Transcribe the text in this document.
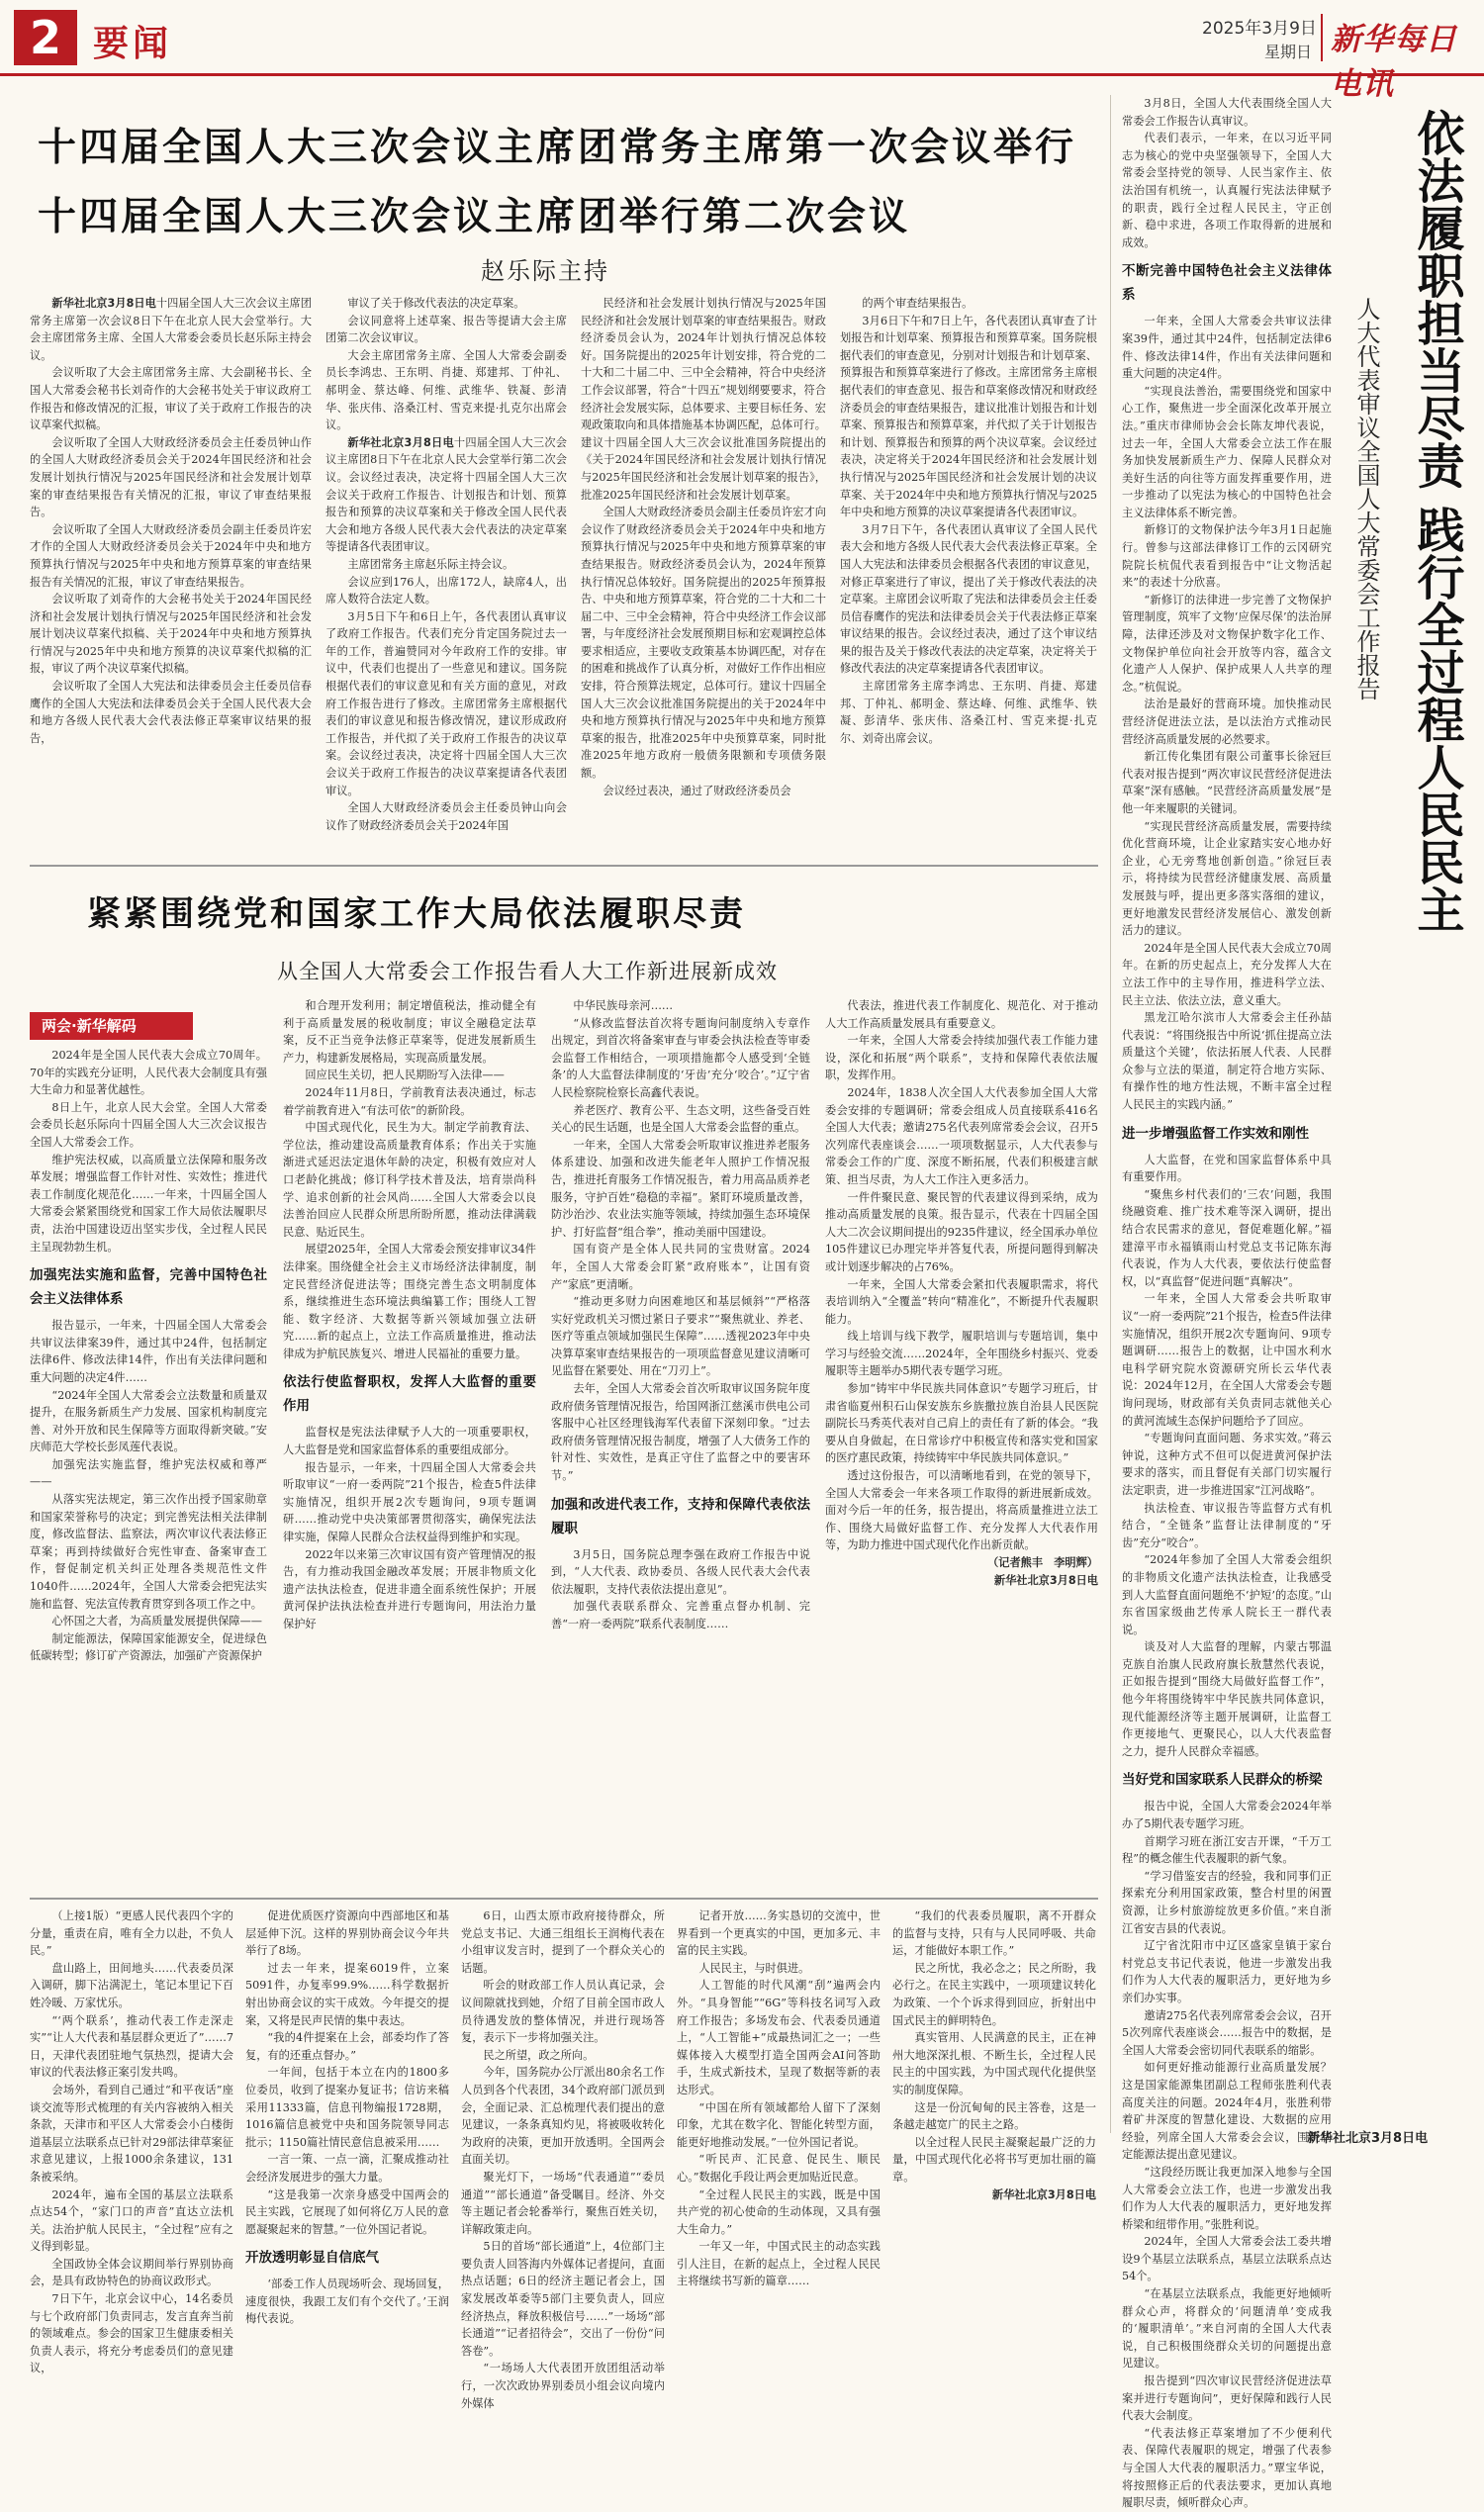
2 要闻	2025年3月9日
星期日 新华每日电讯
十四届全国人大三次会议主席团常务主席第一次会议举行
十四届全国人大三次会议主席团举行第二次会议
赵乐际主持

新华社北京3月8日电十四届全国人大三次会议主席团常务主席第一次会议8日下午在北京人民大会堂举行。大会主席团常务主席、全国人大常委会委员长赵乐际主持会议。

会议听取了大会主席团常务主席、大会副秘书长、全国人大常委会秘书长刘奇作的大会秘书处关于审议政府工作报告和修改情况的汇报，审议了关于政府工作报告的决议草案代拟稿。

会议听取了全国人大财政经济委员会主任委员钟山作的全国人大财政经济委员会关于2024年国民经济和社会发展计划执行情况与2025年国民经济和社会发展计划草案的审查结果报告有关情况的汇报，审议了审查结果报告。

会议听取了全国人大财政经济委员会副主任委员许宏才作的全国人大财政经济委员会关于2024年中央和地方预算执行情况与2025年中央和地方预算草案的审查结果报告有关情况的汇报，审议了审查结果报告。

会议听取了刘奇作的大会秘书处关于2024年国民经济和社会发展计划执行情况与2025年国民经济和社会发展计划决议草案代拟稿、关于2024年中央和地方预算执行情况与2025年中央和地方预算的决议草案代拟稿的汇报，审议了两个决议草案代拟稿。

会议听取了全国人大宪法和法律委员会主任委员信春鹰作的全国人大宪法和法律委员会关于全国人民代表大会和地方各级人民代表大会代表法修正草案审议结果的报告，

审议了关于修改代表法的决定草案。

会议同意将上述草案、报告等提请大会主席团第二次会议审议。

大会主席团常务主席、全国人大常委会副委员长李鸿忠、王东明、肖捷、郑建邦、丁仲礼、郝明金、蔡达峰、何维、武维华、铁凝、彭清华、张庆伟、洛桑江村、雪克来提·扎克尔出席会议。

新华社北京3月8日电十四届全国人大三次会议主席团8日下午在北京人民大会堂举行第二次会议。会议经过表决，决定将十四届全国人大三次会议关于政府工作报告、计划报告和计划、预算报告和预算的决议草案和关于修改全国人民代表大会和地方各级人民代表大会代表法的决定草案等提请各代表团审议。

主席团常务主席赵乐际主持会议。

会议应到176人，出席172人，缺席4人，出席人数符合法定人数。

3月5日下午和6日上午，各代表团认真审议了政府工作报告。代表们充分肯定国务院过去一年的工作，普遍赞同对今年政府工作的安排。审议中，代表们也提出了一些意见和建议。国务院根据代表们的审议意见和有关方面的意见，对政府工作报告进行了修改。主席团常务主席根据代表们的审议意见和报告修改情况，建议形成政府工作报告，并代拟了关于政府工作报告的决议草案。会议经过表决，决定将十四届全国人大三次会议关于政府工作报告的决议草案提请各代表团审议。

全国人大财政经济委员会主任委员钟山向会议作了财政经济委员会关于2024年国

民经济和社会发展计划执行情况与2025年国民经济和社会发展计划草案的审查结果报告。财政经济委员会认为，2024年计划执行情况总体较好。国务院提出的2025年计划安排，符合党的二十大和二十届二中、三中全会精神，符合中央经济工作会议部署，符合“十四五”规划纲要要求，符合经济社会发展实际，总体要求、主要目标任务、宏观政策取向和具体措施基本协调匹配，总体可行。建议十四届全国人大三次会议批准国务院提出的《关于2024年国民经济和社会发展计划执行情况与2025年国民经济和社会发展计划草案的报告》，批准2025年国民经济和社会发展计划草案。

全国人大财政经济委员会副主任委员许宏才向会议作了财政经济委员会关于2024年中央和地方预算执行情况与2025年中央和地方预算草案的审查结果报告。财政经济委员会认为，2024年预算执行情况总体较好。国务院提出的2025年预算报告、中央和地方预算草案，符合党的二十大和二十届二中、三中全会精神，符合中央经济工作会议部署，与年度经济社会发展预期目标和宏观调控总体要求相适应，主要收支政策基本协调匹配，对存在的困难和挑战作了认真分析，对做好工作作出相应安排，符合预算法规定，总体可行。建议十四届全国人大三次会议批准国务院提出的关于2024年中央和地方预算执行情况与2025年中央和地方预算草案的报告，批准2025年中央预算草案，同时批准2025年地方政府一般债务限额和专项债务限额。

会议经过表决，通过了财政经济委员会

的两个审查结果报告。

3月6日下午和7日上午，各代表团认真审查了计划报告和计划草案、预算报告和预算草案。国务院根据代表们的审查意见，分别对计划报告和计划草案、预算报告和预算草案进行了修改。主席团常务主席根据代表们的审查意见、报告和草案修改情况和财政经济委员会的审查结果报告，建议批准计划报告和计划草案、预算报告和预算草案，并代拟了关于计划报告和计划、预算报告和预算的两个决议草案。会议经过表决，决定将关于2024年国民经济和社会发展计划执行情况与2025年国民经济和社会发展计划的决议草案、关于2024年中央和地方预算执行情况与2025年中央和地方预算的决议草案提请各代表团审议。

3月7日下午，各代表团认真审议了全国人民代表大会和地方各级人民代表大会代表法修正草案。全国人大宪法和法律委员会根据各代表团的审议意见，对修正草案进行了审议，提出了关于修改代表法的决定草案。主席团会议听取了宪法和法律委员会主任委员信春鹰作的宪法和法律委员会关于代表法修正草案审议结果的报告。会议经过表决，通过了这个审议结果的报告及关于修改代表法的决定草案，决定将关于修改代表法的决定草案提请各代表团审议。

主席团常务主席李鸿忠、王东明、肖捷、郑建邦、丁仲礼、郝明金、蔡达峰、何维、武维华、铁凝、彭清华、张庆伟、洛桑江村、雪克来提·扎克尔、刘奇出席会议。

紧紧围绕党和国家工作大局依法履职尽责
从全国人大常委会工作报告看人大工作新进展新成效
两会·新华解码

2024年是全国人民代表大会成立70周年。70年的实践充分证明，人民代表大会制度具有强大生命力和显著优越性。

8日上午，北京人民大会堂。全国人大常委会委员长赵乐际向十四届全国人大三次会议报告全国人大常委会工作。

维护宪法权威，以高质量立法保障和服务改革发展；增强监督工作针对性、实效性；推进代表工作制度化规范化……一年来，十四届全国人大常委会紧紧围绕党和国家工作大局依法履职尽责，法治中国建设迈出坚实步伐，全过程人民民主呈现勃勃生机。

加强宪法实施和监督，完善中国特色社会主义法律体系

报告显示，一年来，十四届全国人大常委会共审议法律案39件，通过其中24件，包括制定法律6件、修改法律14件，作出有关法律问题和重大问题的决定4件……

“2024年全国人大常委会立法数量和质量双提升，在服务新质生产力发展、国家机构制度完善、对外开放和民生保障等方面取得新突破。”安庆师范大学校长彭凤莲代表说。

加强宪法实施监督，维护宪法权威和尊严——

从落实宪法规定，第三次作出授予国家勋章和国家荣誉称号的决定；到完善宪法相关法律制度，修改监督法、监察法，两次审议代表法修正草案；再到持续做好合宪性审查、备案审查工作，督促制定机关纠正处理各类规范性文件1040件……2024年，全国人大常委会把宪法实施和监督、宪法宣传教育贯穿到各项工作之中。

心怀国之大者，为高质量发展提供保障——

制定能源法，保障国家能源安全，促进绿色低碳转型；修订矿产资源法，加强矿产资源保护

和合理开发利用；制定增值税法，推动健全有利于高质量发展的税收制度；审议全融稳定法草案，反不正当竞争法修正草案等，促进发展新质生产力，构建新发展格局，实现高质量发展。

回应民生关切，把人民期盼写入法律——

2024年11月8日，学前教育法表决通过，标志着学前教育进入“有法可依”的新阶段。

中国式现代化，民生为大。制定学前教育法、学位法，推动建设高质量教育体系；作出关于实施渐进式延迟法定退休年龄的决定，积极有效应对人口老龄化挑战；修订科学技术普及法，培育崇尚科学、追求创新的社会风尚……全国人大常委会以良法善治回应人民群众所思所盼所愿，推动法律满载民意、贴近民生。

展望2025年，全国人大常委会预安排审议34件法律案。围绕健全社会主义市场经济法律制度，制定民营经济促进法等；围绕完善生态文明制度体系，继续推进生态环境法典编纂工作；围绕人工智能、数字经济、大数据等新兴领域加强立法研究……新的起点上，立法工作高质量推进，推动法律成为护航民族复兴、增进人民福祉的重要力量。

依法行使监督职权，发挥人大监督的重要作用

监督权是宪法法律赋予人大的一项重要职权，人大监督是党和国家监督体系的重要组成部分。

报告显示，一年来，十四届全国人大常委会共听取审议“一府一委两院”21个报告，检查5件法律实施情况，组织开展2次专题询问，9项专题调研……推动党中央决策部署贯彻落实，确保宪法法律实施，保障人民群众合法权益得到维护和实现。

2022年以来第三次审议国有资产管理情况的报告，有力推动我国金融改革发展；开展非物质文化遗产法执法检查，促进非遗全面系统性保护；开展黄河保护法执法检查并进行专题询问，用法治力量保护好

中华民族母亲河……

“从修改监督法首次将专题询问制度纳入专章作出规定，到首次将备案审查与审委会执法检查等审委会监督工作相结合，一项项措施都令人感受到‘全链条’的人大监督法律制度的‘牙齿’充分‘咬合’。”辽宁省人民检察院检察长高鑫代表说。

养老医疗、教育公平、生态文明，这些备受百姓关心的民生话题，也是全国人大常委会监督的重点。

一年来，全国人大常委会听取审议推进养老服务体系建设、加强和改进失能老年人照护工作情况报告，推进托育服务工作情况报告，着力用高品质养老服务，守护百姓“稳稳的幸福”。紧盯环境质量改善，防沙治沙、农业法实施等领域，持续加强生态环境保护、打好监督“组合拳”，推动美丽中国建设。

国有资产是全体人民共同的宝贵财富。2024年，全国人大常委会盯紧“政府账本”，让国有资产“家底”更清晰。

“推动更多财力向困难地区和基层倾斜”“严格落实好党政机关习惯过紧日子要求”“聚焦就业、养老、医疗等重点领域加强民生保障”……透视2023年中央决算草案审查结果报告的一项项监督意见建议清晰可见监督在紧要处、用在“刀刃上”。

去年，全国人大常委会首次听取审议国务院年度政府债务管理情况报告，给国网浙江慈溪市供电公司客服中心社区经理钱海军代表留下深刻印象。“过去政府债务管理情况报告制度，增强了人大债务工作的针对性、实效性，是真正守住了监督之中的要害环节。”

加强和改进代表工作，支持和保障代表依法履职

3月5日，国务院总理李强在政府工作报告中说到，“人大代表、政协委员、各级人民代表大会代表依法履职，支持代表依法提出意见”。

加强代表联系群众、完善重点督办机制、完善“一府一委两院”联系代表制度……

代表法，推进代表工作制度化、规范化、对于推动人大工作高质量发展具有重要意义。

一年来，全国人大常委会持续加强代表工作能力建设，深化和拓展“两个联系”，支持和保障代表依法履职，发挥作用。

2024年，1838人次全国人大代表参加全国人大常委会安排的专题调研；常委会组成人员直接联系416名全国人大代表；邀请275名代表列席常委会会议，召开5次列席代表座谈会……一项项数据显示，人大代表参与常委会工作的广度、深度不断拓展，代表们积极建言献策、担当尽责，为人大工作注入更多活力。

一件件聚民意、聚民智的代表建议得到采纳，成为推动高质量发展的良策。报告显示，代表在十四届全国人大二次会议期间提出的9235件建议，经全国承办单位105件建议已办理完毕并答复代表，所提问题得到解决或计划逐步解决的占76%。

一年来，全国人大常委会紧扣代表履职需求，将代表培训纳入“全覆盖”转向“精准化”，不断提升代表履职能力。

线上培训与线下教学，履职培训与专题培训，集中学习与经验交流……2024年，全年围绕乡村振兴、党委履职等主题举办5期代表专题学习班。

参加“铸牢中华民族共同体意识”专题学习班后，甘肃省临夏州积石山保安族东乡族撒拉族自治县人民医院副院长马秀英代表对自己肩上的责任有了新的体会。“我要从自身做起，在日常诊疗中积极宣传和落实党和国家的医疗惠民政策，持续铸牢中华民族共同体意识。”

透过这份报告，可以清晰地看到，在党的领导下，全国人大常委会一年来各项工作取得的新进展新成效。面对今后一年的任务，报告提出，将高质量推进立法工作、围绕大局做好监督工作、充分发挥人大代表作用等，为助力推进中国式现代化作出新贡献。

（记者熊丰　李明辉）

新华社北京3月8日电

（上接1版）“更感人民代表四个字的分量，重责在肩，唯有全力以赴，不负人民。”

盘山路上，田间地头……代表委员深入调研，脚下沾满泥土，笔记本里记下百姓冷暖、万家忧乐。

“‘两个联系’，推动代表工作走深走实”“让人大代表和基层群众更近了”……7日，天津代表团驻地气氛热烈，提请大会审议的代表法修正案引发共鸣。

会场外，看到自己通过“和平夜话”座谈交流等形式梳理的有关内容被纳入相关条款，天津市和平区人大常委会小白楼街道基层立法联系点已针对29部法律草案征求意见建议，上报1000余条建议，131条被采纳。

2024年，遍布全国的基层立法联系点达54个，“家门口的声音”直达立法机关。法治护航人民民主，“全过程”应有之义得到彰显。

全国政协全体会议期间举行界别协商会，是具有政协特色的协商议政形式。

7日下午，北京会议中心，14名委员与七个政府部门负责同志，发言直奔当前的领域难点。参会的国家卫生健康委相关负责人表示，将充分考虑委员们的意见建议，

促进优质医疗资源向中西部地区和基层延伸下沉。这样的界别协商会议今年共举行了8场。

过去一年来，提案6019件，立案5091件，办复率99.9%……科学数据折射出协商会议的实干成效。今年提交的提案，又将是民声民情的集中表达。

“我的4件提案在上会，部委均作了答复，有的还重点督办。”

一年间，包括于本立在内的1800多位委员，收到了提案办复证书；信访来稿采用11333篇，信息刊物编报1728期，1016篇信息被党中央和国务院领导同志批示；1150篇社情民意信息被采用……

一言一策、一点一滴，汇聚成推动社会经济发展进步的强大力量。

“这是我第一次亲身感受中国两会的民主实践，它展现了如何将亿万人民的意愿凝聚起来的智慧。”一位外国记者说。

开放透明彰显自信底气

‘部委工作人员现场听会、现场回复，速度很快，我跟工友们有个交代了。’王润梅代表说。

6日，山西太原市政府接待群众，所党总支书记、大通三组组长王润梅代表在小组审议发言时，提到了一个群众关心的话题。

听会的财政部工作人员认真记录，会议间隙就找到她，介绍了目前全国市政人员待遇发放的整体情况，并进行现场答复，表示下一步将加强关注。

民之所望，政之所向。

今年，国务院办公厅派出80余名工作人员到各个代表团，34个政府部门派员到会，全面记录、汇总梳理代表们提出的意见建议，一条条真知灼见，将被吸收转化为政府的决策，更加开放透明。全国两会直面关切。

聚光灯下，一场场“代表通道”“委员通道”“部长通道”备受瞩目。经济、外交等主题记者会轮番举行，聚焦百姓关切，详解政策走向。

5日的首场“部长通道”上，4位部门主要负责人回答海内外媒体记者提问，直面热点话题；6日的经济主题记者会上，国家发展改革委等5部门主要负责人，回应经济热点，释放积极信号……”一场场“部长通道”“记者招待会”，交出了一份份“问答卷”。

“一场场人大代表团开放团组活动举行，一次次政协界别委员小组会议向境内外媒体

记者开放……务实恳切的交流中，世界看到一个更真实的中国，更加多元、丰富的民主实践。

人民民主，与时俱进。

人工智能的时代风潮“刮”遍两会内外。“具身智能”“6G”等科技名词写入政府工作报告；多场发布会、代表委员通道上，“人工智能+”成最热词汇之一；一些媒体接入大模型打造全国两会AI问答助手，生成式新技术，呈现了数据等新的表达形式。

“中国在所有领域都给人留下了深刻印象，尤其在数字化、智能化转型方面，能更好地推动发展。”一位外国记者说。

“听民声、汇民意、促民生、顺民心。”数据化手段让两会更加贴近民意。

“全过程人民民主的实践，既是中国共产党的初心使命的生动体现，又具有强大生命力。”

一年又一年，中国式民主的动态实践引人注目，在新的起点上，全过程人民民主将继续书写新的篇章……

“我们的代表委员履职，离不开群众的监督与支持，只有与人民同呼吸、共命运，才能做好本职工作。”

民之所忧，我必念之；民之所盼，我必行之。在民主实践中，一项项建议转化为政策、一个个诉求得到回应，折射出中国式民主的鲜明特色。

真实管用、人民满意的民主，正在神州大地深深扎根、不断生长，全过程人民民主的中国实践，为中国式现代化提供坚实的制度保障。

这是一份沉甸甸的民主答卷，这是一条越走越宽广的民主之路。

以全过程人民民主凝聚起最广泛的力量，中国式现代化必将书写更加壮丽的篇章。

新华社北京3月8日电

依法履职担当尽责 践行全过程人民民主
人大代表审议全国人大常委会工作报告

3月8日，全国人大代表围绕全国人大常委会工作报告认真审议。

代表们表示，一年来，在以习近平同志为核心的党中央坚强领导下，全国人大常委会坚持党的领导、人民当家作主、依法治国有机统一，认真履行宪法法律赋予的职责，践行全过程人民民主，守正创新、稳中求进，各项工作取得新的进展和成效。

不断完善中国特色社会主义法律体系

一年来，全国人大常委会共审议法律案39件，通过其中24件，包括制定法律6件、修改法律14件，作出有关法律问题和重大问题的决定4件。

“实现良法善治，需要围绕党和国家中心工作，聚焦进一步全面深化改革开展立法。”重庆市律师协会会长陈友坤代表说，过去一年，全国人大常委会立法工作在服务加快发展新质生产力、保障人民群众对美好生活的向往等方面发挥重要作用，进一步推动了以宪法为核心的中国特色社会主义法律体系不断完善。

新修订的文物保护法今年3月1日起施行。曾参与这部法律修订工作的云冈研究院院长杭侃代表看到报告中“让文物活起来”的表述十分欣喜。

“新修订的法律进一步完善了文物保护管理制度，筑牢了文物‘应保尽保’的法治屏障，法律还涉及对文物保护数字化工作、文物保护单位向社会开放等内容，蕴含文化遗产人人保护、保护成果人人共享的理念。”杭侃说。

法治是最好的营商环境。加快推动民营经济促进法立法，是以法治方式推动民营经济高质量发展的必然要求。

新江传化集团有限公司董事长徐冠巨代表对报告提到“两次审议民营经济促进法草案”深有感触。“民营经济高质量发展”是他一年来履职的关键词。

“实现民营经济高质量发展，需要持续优化营商环境，让企业家踏实安心地办好企业，心无旁骛地创新创造。”徐冠巨表示，将持续为民营经济健康发展、高质量发展鼓与呼，提出更多落实落细的建议，更好地激发民营经济发展信心、激发创新活力的建议。

2024年是全国人民代表大会成立70周年。在新的历史起点上，充分发挥人大在立法工作中的主导作用，推进科学立法、民主立法、依法立法，意义重大。

黑龙江哈尔滨市人大常委会主任孙喆代表说：“将围绕报告中所说‘抓住提高立法质量这个关键’，依法拓展人代表、人民群众参与立法的渠道，制定符合地方实际、有操作性的地方性法规，不断丰富全过程人民民主的实践内涵。”

进一步增强监督工作实效和刚性

人大监督，在党和国家监督体系中具有重要作用。

“聚焦乡村代表们的‘三农’问题，我围绕融资难、推广技术难等深入调研，提出结合农民需求的意见，督促难题化解。”福建漳平市永福镇雨山村党总支书记陈东海代表说，作为人大代表，要依法行使监督权，以“真监督”促进问题“真解决”。

一年来，全国人大常委会共听取审议“一府一委两院”21个报告，检查5件法律实施情况，组织开展2次专题询问、9项专题调研……报告上的数据，让中国水利水电科学研究院水资源研究所长云华代表说：2024年12月，在全国人大常委会专题询问现场，财政部有关负责同志就他关心的黄河流域生态保护问题给予了回应。

“专题询问直面问题、务求实效。”蒋云钟说，这种方式不但可以促进黄河保护法要求的落实，而且督促有关部门切实履行法定职责，进一步推进国家“江河战略”。

执法检查、审议报告等监督方式有机结合，“全链条”监督让法律制度的“牙齿”充分“咬合”。

“2024年参加了全国人大常委会组织的非物质文化遗产法执法检查，让我感受到人大监督直面问题绝不‘护短’的态度。”山东省国家级曲艺传承人院长王一群代表说。

谈及对人大监督的理解，内蒙古鄂温克族自治旗人民政府旗长敖慧然代表说，正如报告提到“围绕大局做好监督工作”，他今年将围绕铸牢中华民族共同体意识，现代能源经济等主题开展调研，让监督工作更接地气、更聚民心，以人大代表监督之力，提升人民群众幸福感。

当好党和国家联系人民群众的桥梁

报告中说，全国人大常委会2024年举办了5期代表专题学习班。

首期学习班在浙江安吉开课，“千万工程”的概念催生代表履职的新气象。

“学习借鉴安吉的经验，我和同事们正探索充分利用国家政策，整合村里的闲置资源，让乡村旅游绽放更多价值。”来自浙江省安吉县的代表说。

辽宁省沈阳市中辽区盛家皇镇于家台村党总支书记代表说，他进一步激发出我们作为人大代表的履职活力，更好地为乡亲们办实事。

邀请275名代表列席常委会会议，召开5次列席代表座谈会……报告中的数据，是全国人大常委会密切同代表联系的缩影。

如何更好推动能源行业高质量发展？这是国家能源集团副总工程师张胜利代表高度关注的问题。2024年4月，张胜利带着矿井深度的智慧化建设、大数据的应用经验，列席全国人大常委会会议，围绕制定能源法提出意见建议。

“这段经历既让我更加深入地参与全国人大常委会立法工作，也进一步激发出我们作为人大代表的履职活力，更好地发挥桥梁和纽带作用。”张胜利说。

2024年，全国人大常委会法工委共增设9个基层立法联系点，基层立法联系点达54个。

“在基层立法联系点，我能更好地倾听群众心声，将群众的‘问题清单’变成我的‘履职清单’。”来自河南的全国人大代表说，自己积极围绕群众关切的问题提出意见建议。

报告提到“四次审议民营经济促进法草案并进行专题询问”，更好保障和践行人民代表大会制度。

“代表法修正草案增加了不少便利代表、保障代表履职的规定，增强了代表参与全国人大代表的履职活力。”覃宝华说，将按照修正后的代表法要求，更加认真地履职尽责，倾听群众心声。

新华社北京3月8日电
